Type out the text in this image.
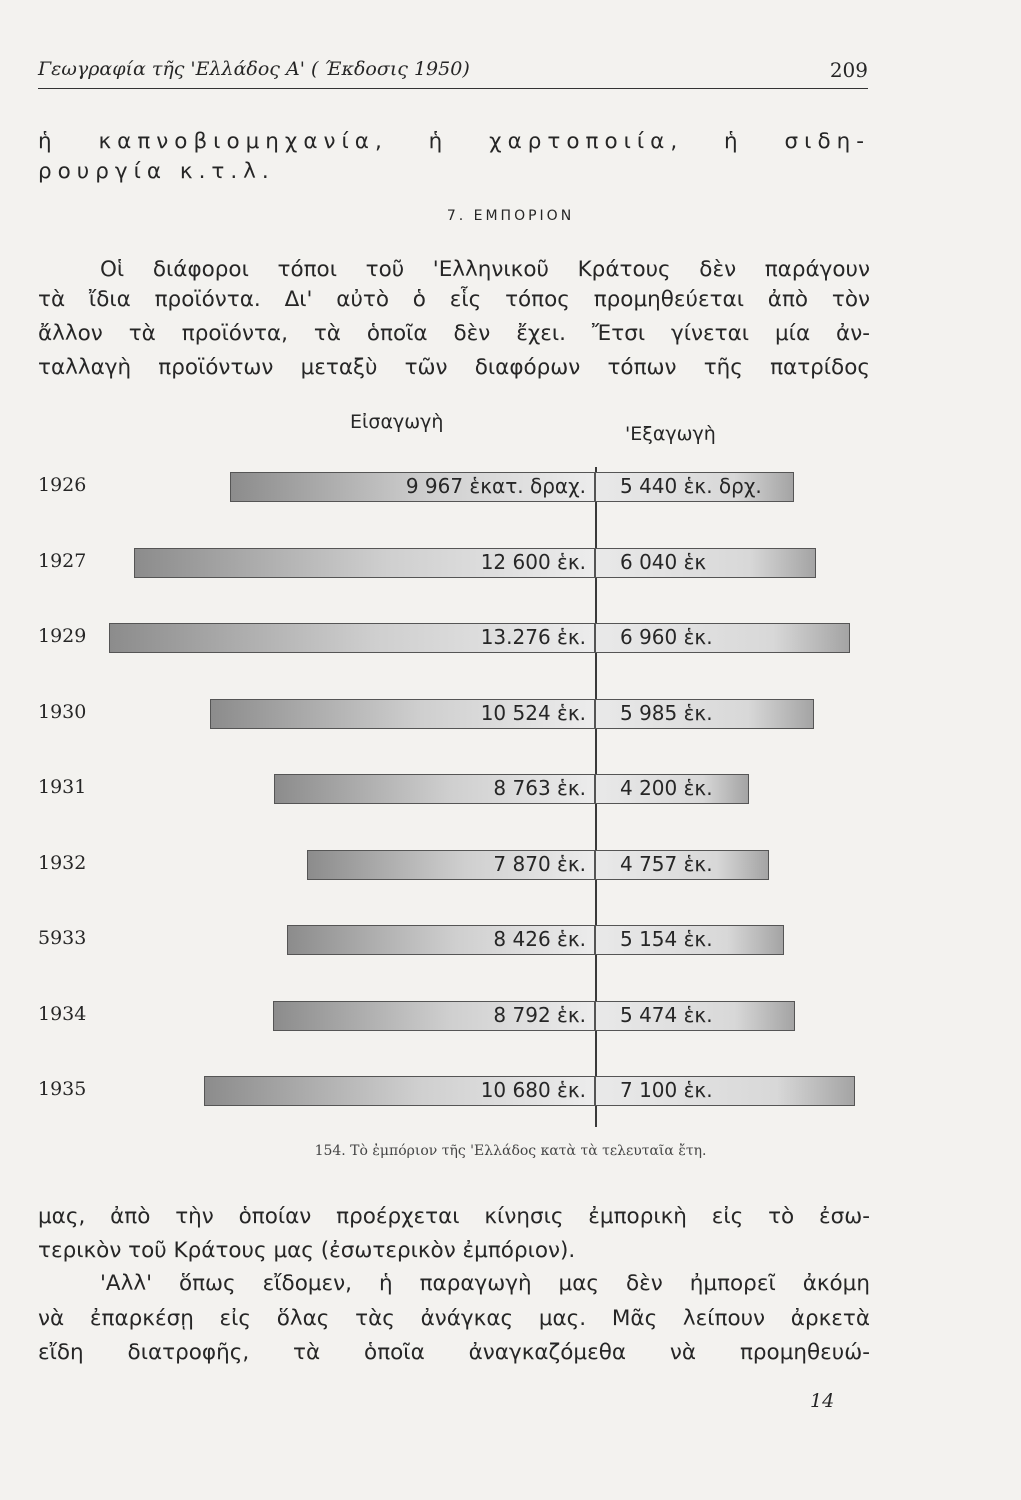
Γεωγραφία τῆς 'Ελλάδος Α' ( Έκδοσις 1950)	209
ἡ καπνοβιομηχανία, ἡ χαρτοποιία, ἡ σιδη-
ρουργία κ.τ.λ.
7. ΕΜΠΟΡΙΟΝ
Οἱ διάφοροι τόποι τοῦ 'Ελληνικοῦ Κράτους δὲν παράγουν
τὰ ἴδια προϊόντα. Δι' αὐτὸ ὁ εἷς τόπος προμηθεύεται ἀπὸ τὸν
ἄλλον τὰ προϊόντα, τὰ ὁποῖα δὲν ἔχει. Ἔτσι γίνεται μία ἀν-
ταλλαγὴ προϊόντων μεταξὺ τῶν διαφόρων τόπων τῆς πατρίδος
Εἰσαγωγὴ
'Εξαγωγὴ
1926	9 967 ἑκατ. δραχ. 5 440 ἑκ. δρχ.
1927	12 600 ἑκ. 6 040 ἑκ
1929	13.276 ἑκ. 6 960 ἑκ.
1930	10 524 ἑκ. 5 985 ἑκ.
1931	8 763 ἑκ. 4 200 ἑκ.
1932	7 870 ἑκ. 4 757 ἑκ.
5933	8 426 ἑκ. 5 154 ἑκ.
1934	8 792 ἑκ. 5 474 ἑκ.
1935	10 680 ἑκ. 7 100 ἑκ.
154. Τὸ ἐμπόριον τῆς 'Ελλάδος κατὰ τὰ τελευταῖα ἔτη.
μας, ἀπὸ τὴν ὁποίαν προέρχεται κίνησις ἐμπορικὴ εἰς τὸ ἐσω-
τερικὸν τοῦ Κράτους μας (ἐσωτερικὸν ἐμπόριον).
'Αλλ' ὅπως εἴδομεν, ἡ παραγωγὴ μας δὲν ἠμπορεῖ ἀκόμη
νὰ ἐπαρκέσῃ εἰς ὅλας τὰς ἀνάγκας μας. Μᾶς λείπουν ἀρκετὰ
εἴδη διατροφῆς, τὰ ὁποῖα ἀναγκαζόμεθα νὰ προμηθευώ-
14
